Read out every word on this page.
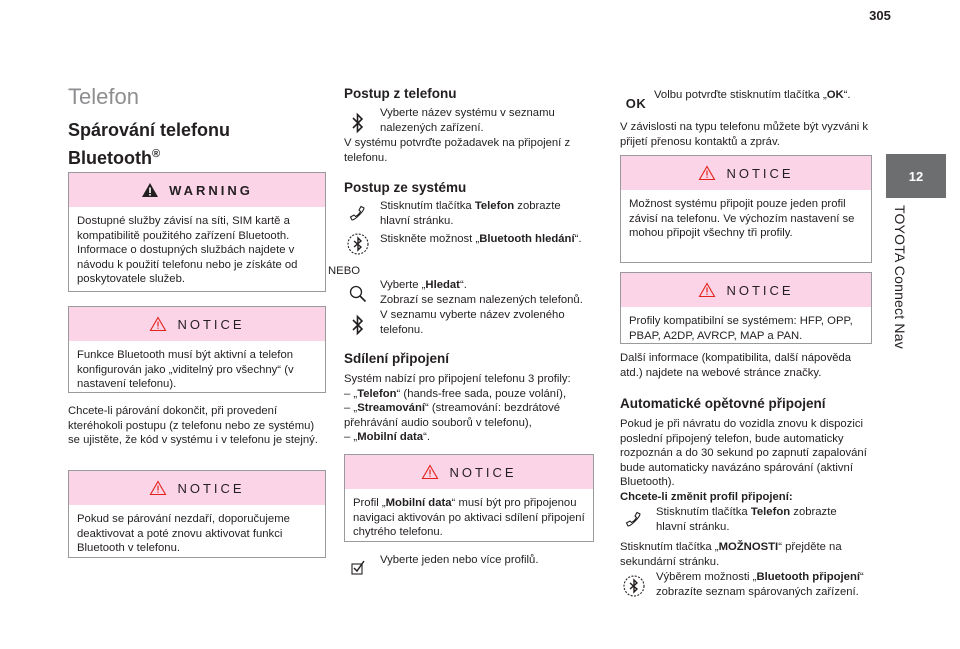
305
12
TOYOTA Connect Nav
Telefon
Spárování telefonu
Bluetooth®
WARNING
Dostupné služby závisí na síti, SIM kartě a kompatibilitě použitého zařízení Bluetooth. Informace o dostupných službách najdete v návodu k použití telefonu nebo je získáte od poskytovatele služeb.
NOTICE
Funkce Bluetooth musí být aktivní a telefon konfigurován jako „viditelný pro všechny“ (v nastavení telefonu).
Chcete-li párování dokončit, při provedení kteréhokoli postupu (z telefonu nebo ze systému) se ujistěte, že kód v systému i v telefonu je stejný.
NOTICE
Pokud se párování nezdaří, doporučujeme deaktivovat a poté znovu aktivovat funkci Bluetooth v telefonu.
Postup z telefonu
Vyberte název systému v seznamu nalezených zařízení.
V systému potvrďte požadavek na připojení z telefonu.
Postup ze systému
Stisknutím tlačítka Telefon zobrazte hlavní stránku.
Stiskněte možnost „Bluetooth hledání“.
NEBO
Vyberte „Hledat“.
Zobrazí se seznam nalezených telefonů.
V seznamu vyberte název zvoleného telefonu.
Sdílení připojení
Systém nabízí pro připojení telefonu 3 profily:
– „Telefon“ (hands-free sada, pouze volání),
– „Streamování“ (streamování: bezdrátové přehrávání audio souborů v telefonu),
– „Mobilní data“.
NOTICE
Profil „Mobilní data“ musí být pro připojenou navigaci aktivován po aktivaci sdílení připojení chytrého telefonu.
Vyberte jeden nebo více profilů.
OK
Volbu potvrďte stisknutím tlačítka „OK“.
V závislosti na typu telefonu můžete být vyzváni k přijetí přenosu kontaktů a zpráv.
NOTICE
Možnost systému připojit pouze jeden profil závisí na telefonu. Ve výchozím nastavení se mohou připojit všechny tři profily.
NOTICE
Profily kompatibilní se systémem: HFP, OPP, PBAP, A2DP, AVRCP, MAP a PAN.
Další informace (kompatibilita, další nápověda atd.) najdete na webové stránce značky.
Automatické opětovné připojení
Pokud je při návratu do vozidla znovu k dispozici poslední připojený telefon, bude automaticky rozpoznán a do 30 sekund po zapnutí zapalování bude automaticky navázáno spárování (aktivní Bluetooth).
Chcete-li změnit profil připojení:
Stisknutím tlačítka Telefon zobrazte hlavní stránku.
Stisknutím tlačítka „MOŽNOSTI“ přejděte na sekundární stránku.
Výběrem možnosti „Bluetooth připojení“ zobrazíte seznam spárovaných zařízení.
